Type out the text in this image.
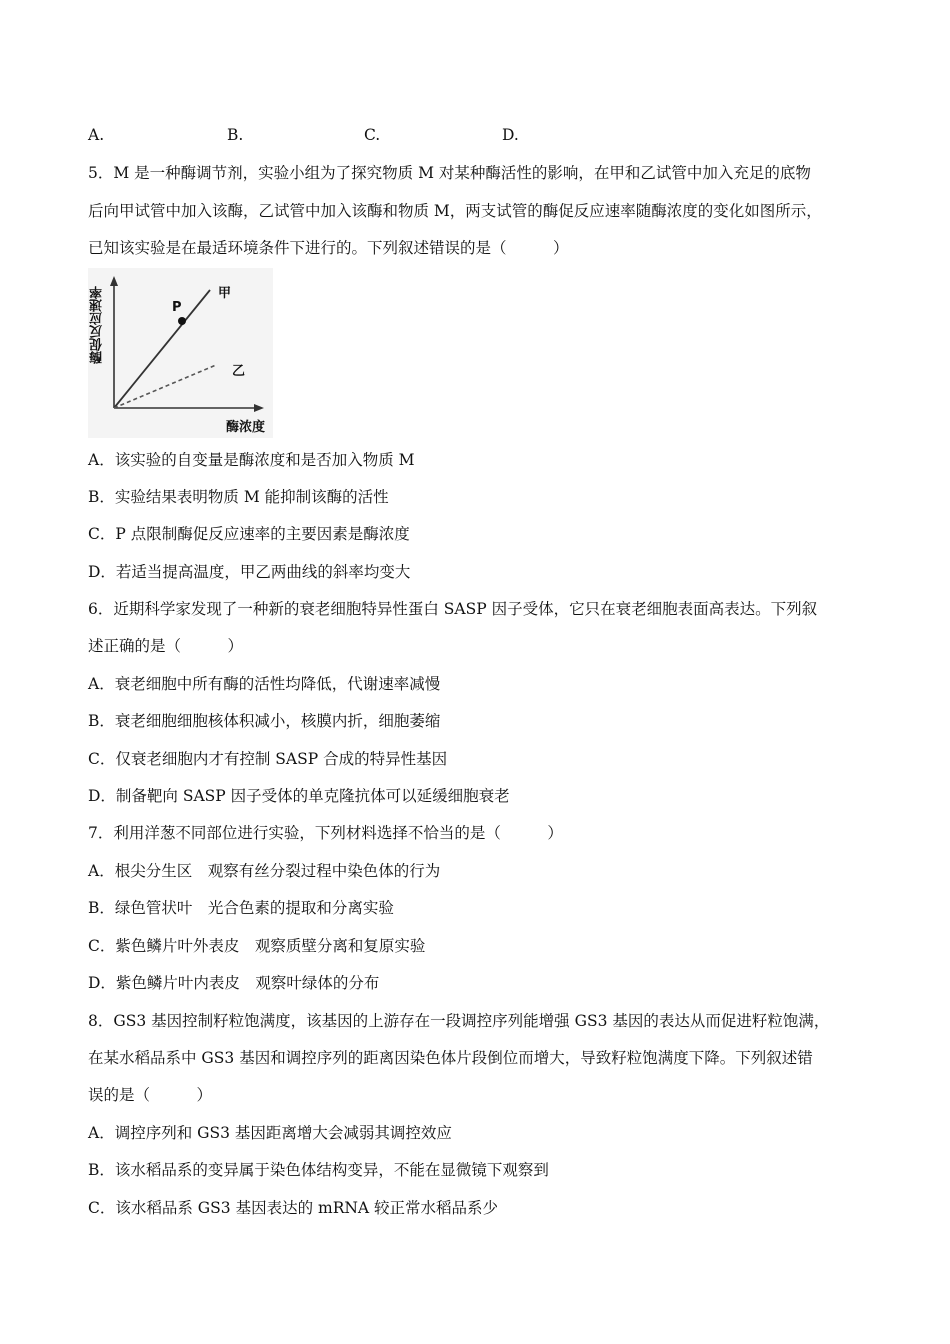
A.	B.	C.	D.
5．M 是一种酶调节剂，实验小组为了探究物质 M 对某种酶活性的影响，在甲和乙试管中加入充足的底物
后向甲试管中加入该酶，乙试管中加入该酶和物质 M，两支试管的酶促反应速率随酶浓度的变化如图所示，
已知该实验是在最适环境条件下进行的。下列叙述错误的是（　　　）
酶促反应速率
酶浓度
甲
乙
P
A．该实验的自变量是酶浓度和是否加入物质 M
B．实验结果表明物质 M 能抑制该酶的活性
C．P 点限制酶促反应速率的主要因素是酶浓度
D．若适当提高温度，甲乙两曲线的斜率均变大
6．近期科学家发现了一种新的衰老细胞特异性蛋白 SASP 因子受体，它只在衰老细胞表面高表达。下列叙
述正确的是（　　　）
A．衰老细胞中所有酶的活性均降低，代谢速率减慢
B．衰老细胞细胞核体积减小，核膜内折，细胞萎缩
C．仅衰老细胞内才有控制 SASP 合成的特异性基因
D．制备靶向 SASP 因子受体的单克隆抗体可以延缓细胞衰老
7．利用洋葱不同部位进行实验，下列材料选择不恰当的是（　　　）
A．根尖分生区　观察有丝分裂过程中染色体的行为
B．绿色管状叶　光合色素的提取和分离实验
C．紫色鳞片叶外表皮　观察质壁分离和复原实验
D．紫色鳞片叶内表皮　观察叶绿体的分布
8．GS3 基因控制籽粒饱满度，该基因的上游存在一段调控序列能增强 GS3 基因的表达从而促进籽粒饱满，
在某水稻品系中 GS3 基因和调控序列的距离因染色体片段倒位而增大，导致籽粒饱满度下降。下列叙述错
误的是（　　　）
A．调控序列和 GS3 基因距离增大会减弱其调控效应
B．该水稻品系的变异属于染色体结构变异，不能在显微镜下观察到
C．该水稻品系 GS3 基因表达的 mRNA 较正常水稻品系少
